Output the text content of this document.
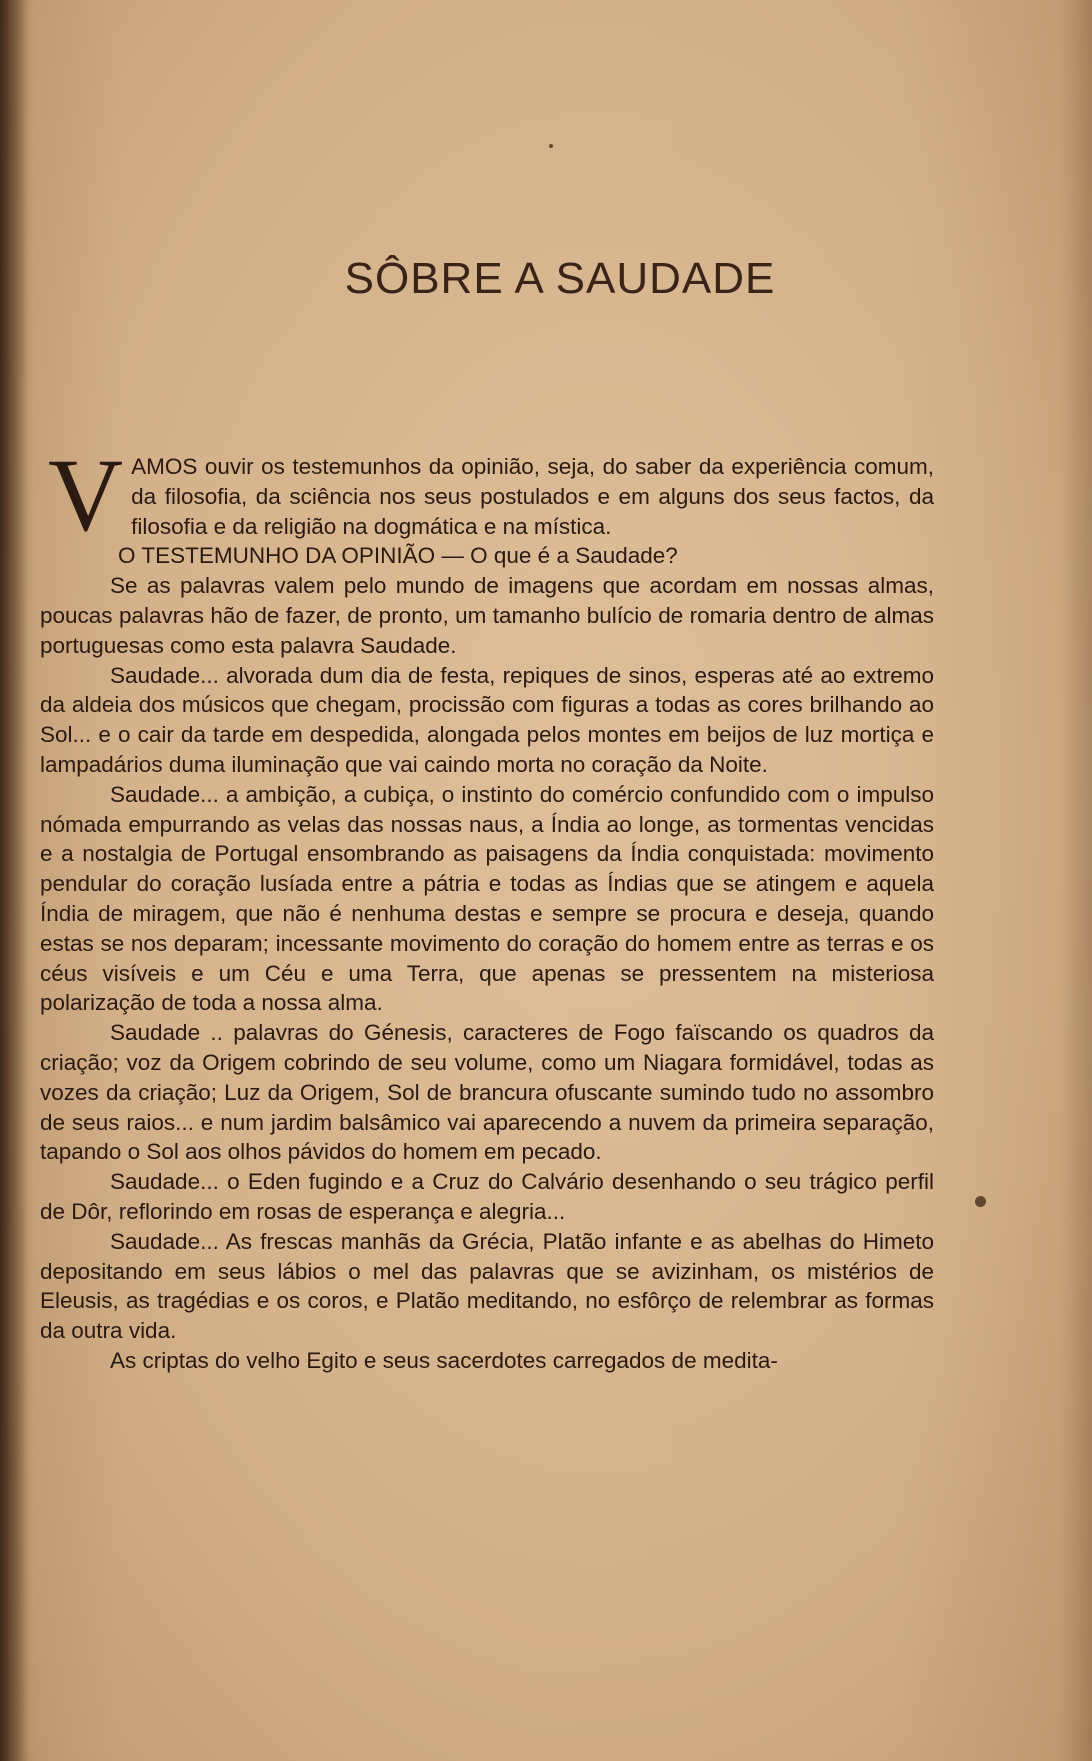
SÔBRE A SAUDADE

V AMOS ouvir os testemunhos da opinião, seja, do saber da experiência comum, da filosofia, da sciência nos seus postulados e em alguns dos seus factos, da filosofia e da religião na dogmática e na mística.

O TESTEMUNHO DA OPINIÃO — O que é a Saudade?

Se as palavras valem pelo mundo de imagens que acordam em nossas almas, poucas palavras hão de fazer, de pronto, um tamanho bulício de romaria dentro de almas portuguesas como esta palavra Saudade.

Saudade... alvorada dum dia de festa, repiques de sinos, esperas até ao extremo da aldeia dos músicos que chegam, procissão com figuras a todas as cores brilhando ao Sol... e o cair da tarde em despedida, alongada pelos montes em beijos de luz mortiça e lampadários duma iluminação que vai caindo morta no coração da Noite.

Saudade... a ambição, a cubiça, o instinto do comércio confundido com o impulso nómada empurrando as velas das nossas naus, a Índia ao longe, as tormentas vencidas e a nostalgia de Portugal ensombrando as paisagens da Índia conquistada: movimento pendular do coração lusíada entre a pátria e todas as Índias que se atingem e aquela Índia de miragem, que não é nenhuma destas e sempre se procura e deseja, quando estas se nos deparam; incessante movimento do coração do homem entre as terras e os céus visíveis e um Céu e uma Terra, que apenas se pressentem na misteriosa polarização de toda a nossa alma.

Saudade .. palavras do Génesis, caracteres de Fogo faïscando os quadros da criação; voz da Origem cobrindo de seu volume, como um Niagara formidável, todas as vozes da criação; Luz da Origem, Sol de brancura ofuscante sumindo tudo no assombro de seus raios... e num jardim balsâmico vai aparecendo a nuvem da primeira separação, tapando o Sol aos olhos pávidos do homem em pecado.

Saudade... o Eden fugindo e a Cruz do Calvário desenhando o seu trágico perfil de Dôr, reflorindo em rosas de esperança e alegria...

Saudade... As frescas manhãs da Grécia, Platão infante e as abelhas do Himeto depositando em seus lábios o mel das palavras que se avizinham, os mistérios de Eleusis, as tragédias e os coros, e Platão meditando, no esfôrço de relembrar as formas da outra vida.

As criptas do velho Egito e seus sacerdotes carregados de medita-
